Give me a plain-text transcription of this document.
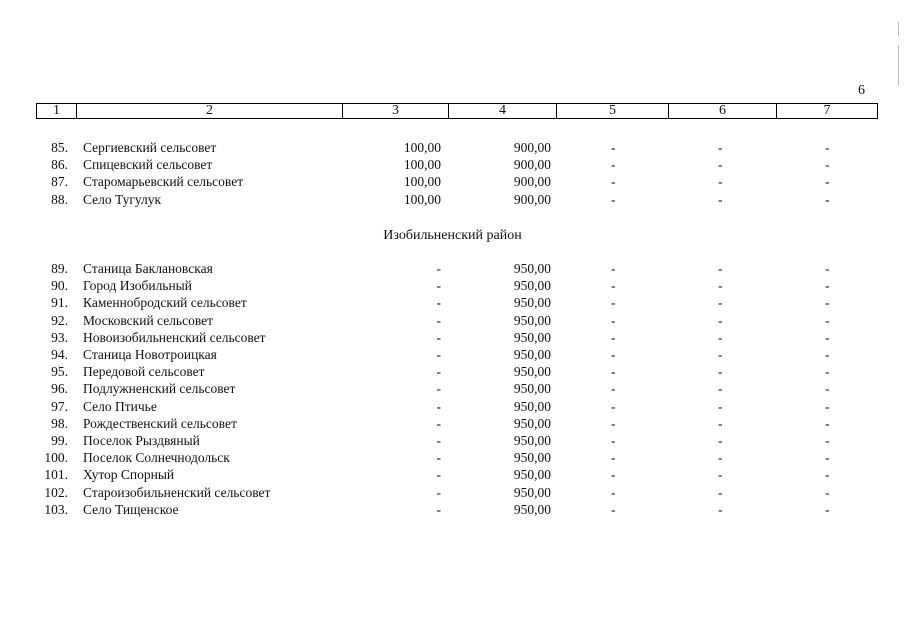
6
1	2	3	4	5	6	7
85. Сергиевский сельсовет	100,00	900,00	-	-	-
86. Спицевский сельсовет	100,00	900,00	-	-	-
87. Старомарьевский сельсовет	100,00	900,00	-	-	-
88. Село Тугулук	100,00	900,00	-	-	-
Изобильненский район
89. Станица Баклановская	-	950,00	-	-	-
90. Город Изобильный	-	950,00	-	-	-
91. Каменнобродский сельсовет	-	950,00	-	-	-
92. Московский сельсовет	-	950,00	-	-	-
93. Новоизобильненский сельсовет	-	950,00	-	-	-
94. Станица Новотроицкая	-	950,00	-	-	-
95. Передовой сельсовет	-	950,00	-	-	-
96. Подлужненский сельсовет	-	950,00	-	-	-
97. Село Птичье	-	950,00	-	-	-
98. Рождественский сельсовет	-	950,00	-	-	-
99. Поселок Рыздвяный	-	950,00	-	-	-
100. Поселок Солнечнодольск	-	950,00	-	-	-
101. Хутор Спорный	-	950,00	-	-	-
102. Староизобильненский сельсовет	-	950,00	-	-	-
103. Село Тищенское	-	950,00	-	-	-
